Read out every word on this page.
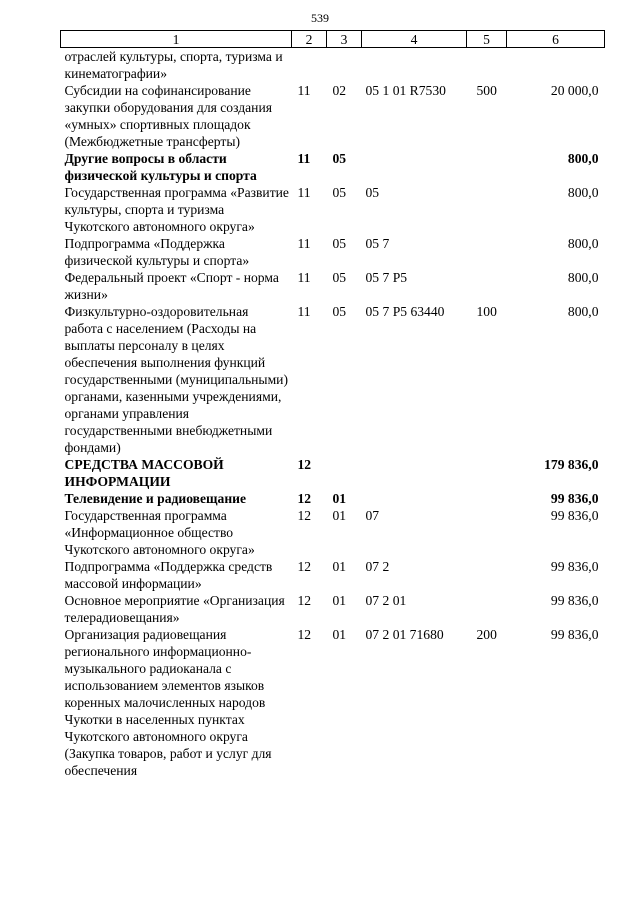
539
1	2	3	4	5	6
отраслей культуры, спорта, туризма и кинематографии»					
Субсидии на софинансирование закупки оборудования для создания «умных» спортивных площадок (Межбюджетные трансферты)	11	02	05 1 01 R7530	500	20 000,0
Другие вопросы в области физической культуры и спорта	11	05			800,0
Государственная программа «Развитие культуры, спорта и туризма Чукотского автономного округа»	11	05	05		800,0
Подпрограмма «Поддержка физической культуры и спорта»	11	05	05 7		800,0
Федеральный проект «Спорт - норма жизни»	11	05	05 7 P5		800,0
Физкультурно-оздоровительная работа с населением (Расходы на выплаты персоналу в целях обеспечения выполнения функций государственными (муниципальными) органами, казенными учреждениями, органами управления государственными внебюджетными фондами)	11	05	05 7 P5 63440	100	800,0
СРЕДСТВА МАССОВОЙ ИНФОРМАЦИИ	12				179 836,0
Телевидение и радиовещание	12	01			99 836,0
Государственная программа «Информационное общество Чукотского автономного округа»	12	01	07		99 836,0
Подпрограмма «Поддержка средств массовой информации»	12	01	07 2		99 836,0
Основное мероприятие «Организация телерадиовещания»	12	01	07 2 01		99 836,0
Организация радиовещания регионального информационно-музыкального радиоканала с использованием элементов языков коренных малочисленных народов Чукотки в населенных пунктах Чукотского автономного округа (Закупка товаров, работ и услуг для обеспечения	12	01	07 2 01 71680	200	99 836,0
